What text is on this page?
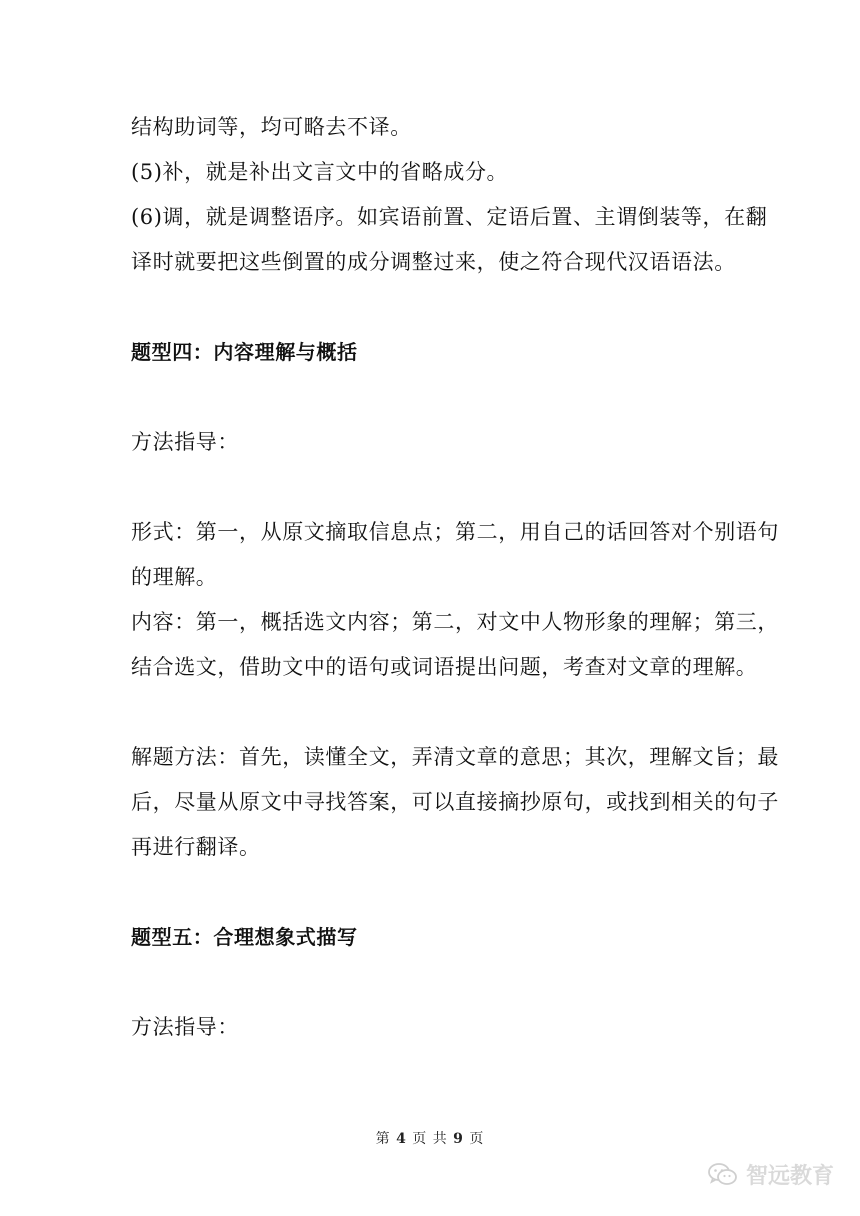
结构助词等，均可略去不译。
(5)补，就是补出文言文中的省略成分。
(6)调，就是调整语序。如宾语前置、定语后置、主谓倒装等，在翻
译时就要把这些倒置的成分调整过来，使之符合现代汉语语法。
题型四：内容理解与概括
方法指导：
形式：第一，从原文摘取信息点；第二，用自己的话回答对个别语句
的理解。
内容：第一，概括选文内容；第二，对文中人物形象的理解；第三，
结合选文，借助文中的语句或词语提出问题，考查对文章的理解。
解题方法：首先，读懂全文，弄清文章的意思；其次，理解文旨；最
后，尽量从原文中寻找答案，可以直接摘抄原句，或找到相关的句子
再进行翻译。
题型五：合理想象式描写
方法指导：
第 4 页 共 9 页
智远教育
